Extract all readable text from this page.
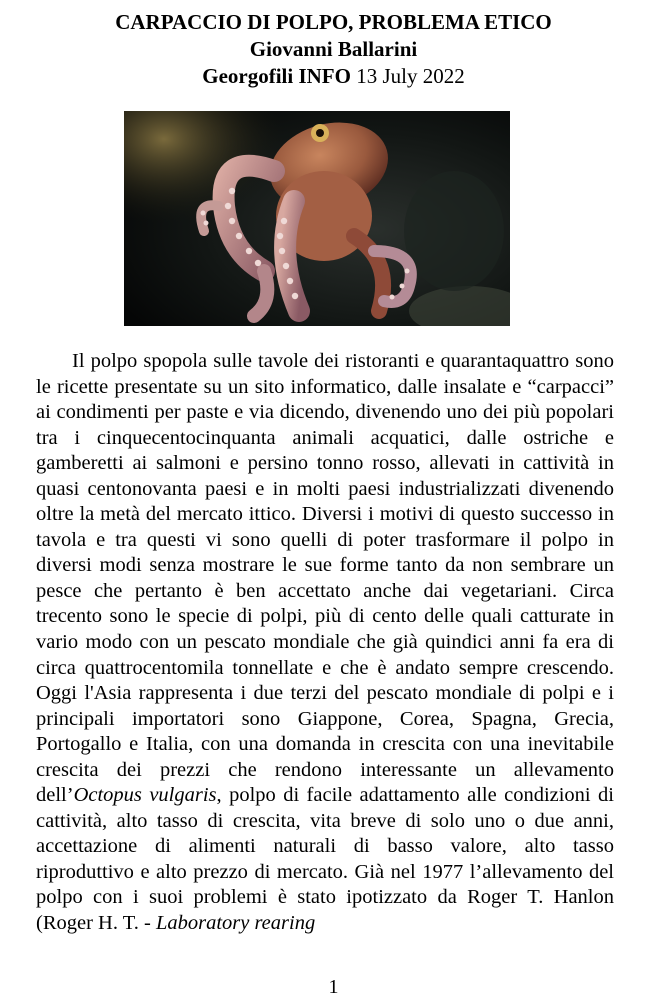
CARPACCIO DI POLPO, PROBLEMA ETICO
Giovanni Ballarini
Georgofili INFO 13 July 2022
Il polpo spopola sulle tavole dei ristoranti e quarantaquattro sono le ricette presentate su un sito informatico, dalle insalate e “carpacci” ai condimenti per paste e via dicendo, divenendo uno dei più popolari tra i cinquecentocinquanta animali acquatici, dalle ostriche e gamberetti ai salmoni e persino tonno rosso, allevati in cattività in quasi centonovanta paesi e in molti paesi industrializzati divenendo oltre la metà del mercato ittico. Diversi i motivi di questo successo in tavola e tra questi vi sono quelli di poter trasformare il polpo in diversi modi senza mostrare le sue forme tanto da non sembrare un pesce che pertanto è ben accettato anche dai vegetariani. Circa trecento sono le specie di polpi, più di cento delle quali catturate in vario modo con un pescato mondiale che già quindici anni fa era di circa quattrocentomila tonnellate e che è andato sempre crescendo. Oggi l'Asia rappresenta i due terzi del pescato mondiale di polpi e i principali importatori sono Giappone, Corea, Spagna, Grecia, Portogallo e Italia, con una domanda in crescita con una inevitabile crescita dei prezzi che rendono interessante un allevamento dell’Octopus vulgaris, polpo di facile adattamento alle condizioni di cattività, alto tasso di crescita, vita breve di solo uno o due anni, accettazione di alimenti naturali di basso valore, alto tasso riproduttivo e alto prezzo di mercato. Già nel 1977 l’allevamento del polpo con i suoi problemi è stato ipotizzato da Roger T. Hanlon (Roger H. T. - Laboratory rearing
1
